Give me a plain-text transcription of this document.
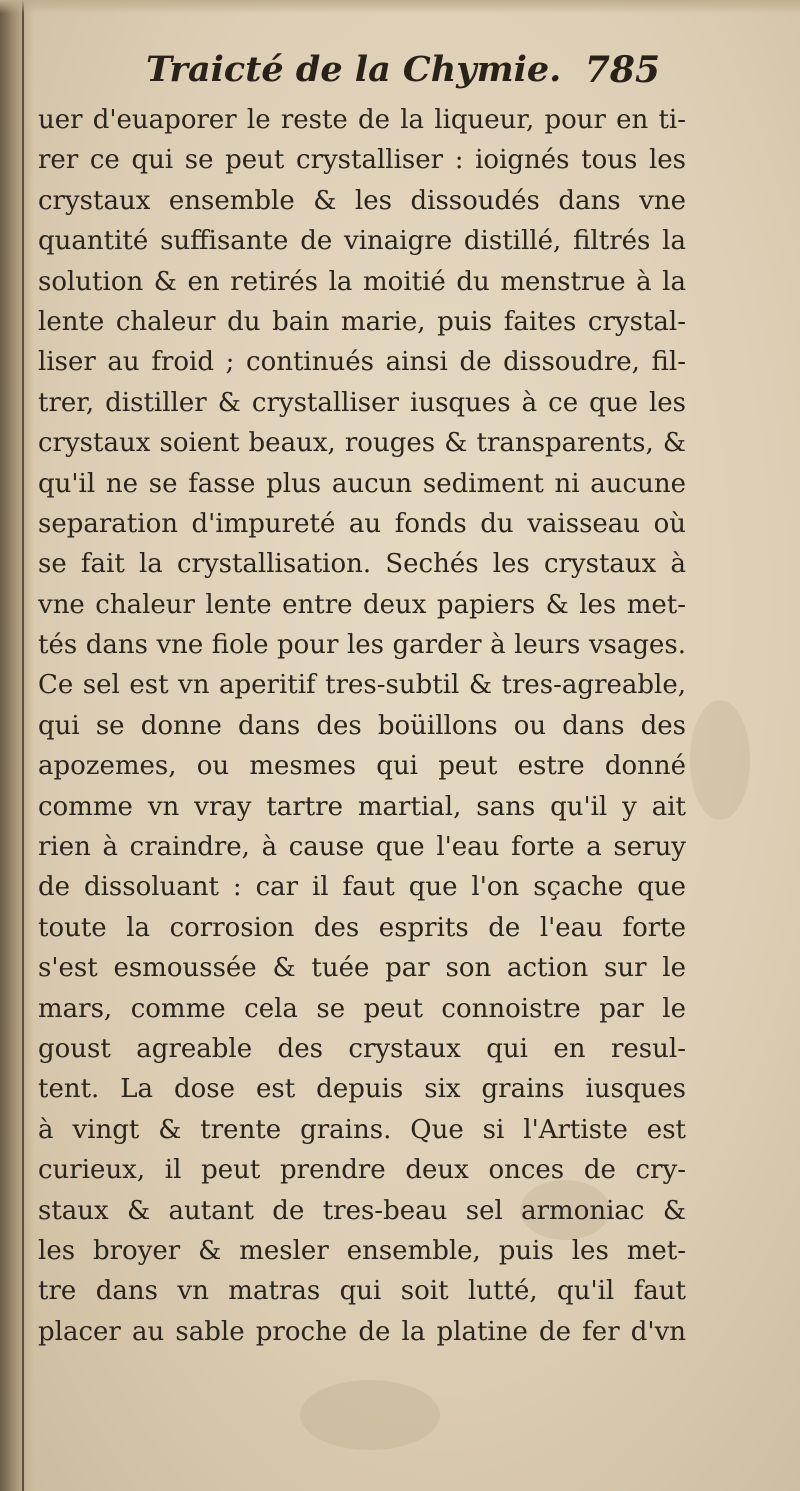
Traicté de la Chymie. 785
uer d'euaporer le reste de la liqueur, pour en ti-
rer ce qui se peut crystalliser : ioignés tous les
crystaux ensemble & les dissoudés dans vne
quantité suffisante de vinaigre distillé, filtrés la
solution & en retirés la moitié du menstrue à la
lente chaleur du bain marie, puis faites crystal-
liser au froid ; continués ainsi de dissoudre, fil-
trer, distiller & crystalliser iusques à ce que les
crystaux soient beaux, rouges & transparents, &
qu'il ne se fasse plus aucun sediment ni aucune
separation d'impureté au fonds du vaisseau où
se fait la crystallisation. Sechés les crystaux à
vne chaleur lente entre deux papiers & les met-
tés dans vne fiole pour les garder à leurs vsages.
Ce sel est vn aperitif tres-subtil & tres-agreable,
qui se donne dans des boüillons ou dans des
apozemes, ou mesmes qui peut estre donné
comme vn vray tartre martial, sans qu'il y ait
rien à craindre, à cause que l'eau forte a seruy
de dissoluant : car il faut que l'on sçache que
toute la corrosion des esprits de l'eau forte
s'est esmoussée & tuée par son action sur le
mars, comme cela se peut connoistre par le
goust agreable des crystaux qui en resul-
tent. La dose est depuis six grains iusques
à vingt & trente grains. Que si l'Artiste est
curieux, il peut prendre deux onces de cry-
staux & autant de tres-beau sel armoniac &
les broyer & mesler ensemble, puis les met-
tre dans vn matras qui soit lutté, qu'il faut
placer au sable proche de la platine de fer d'vn
